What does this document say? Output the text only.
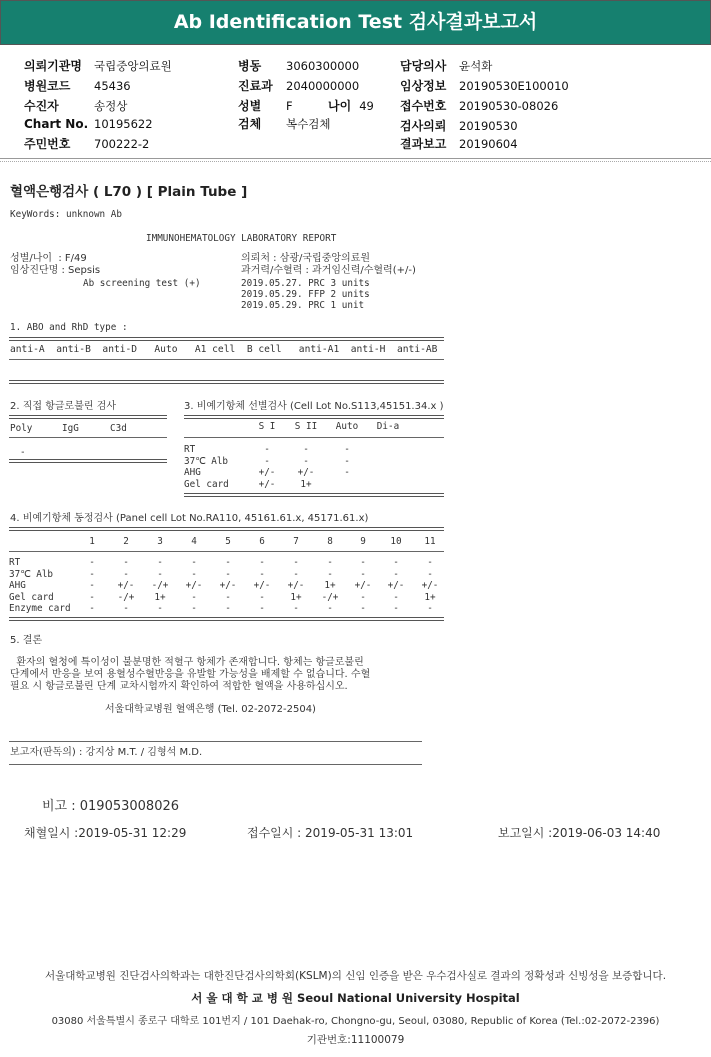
Ab Identification Test 검사결과보고서
의뢰기관명 국립중앙의료원
병원코드 45436
수진자	송정상
Chart No. 10195622
주민번호 700222-2
병동 3060300000
진료과 2040000000
성별 F	나이 49
검체 복수검체
담당의사 윤석화
임상정보 20190530E100010
접수번호 20190530-08026
검사의뢰 20190530
결과보고 20190604
혈액은행검사 ( L70 ) [ Plain Tube ]
KeyWords: unknown Ab
IMMUNOHEMATOLOGY LABORATORY REPORT
성별/나이  : F/49
임상진단명 : Sepsis
Ab screening test (+)
의뢰처 : 삼광/국립중앙의료원
과거력/수혈력 : 과거임신력/수혈력(+/-)
2019.05.27. PRC 3 units
2019.05.29. FFP 2 units
2019.05.29. PRC 1 unit
1. ABO and RhD type :
anti-A  anti-B  anti-D   Auto   A1 cell  B cell   anti-A1  anti-H  anti-AB
2. 직접 항글로불린 검사
Poly	IgG	C3d
-
3. 비예기항체 선별검사 (Cell Lot No.S113,45151.34.x )
	S I	S II	Auto	Di-a
RT	-	-	-	
37℃ Alb	-	-	-	
AHG	+/-	+/-	-	
Gel card	+/-	1+		
4. 비예기항체 동정검사 (Panel cell Lot No.RA110, 45161.61.x, 45171.61.x)
	1	2	3	4	5	6	7	8	9	10	11
RT	-	-	-	-	-	-	-	-	-	-	-
37℃ Alb	-	-	-	-	-	-	-	-	-	-	-
AHG	-	+/-	-/+	+/-	+/-	+/-	+/-	1+	+/-	+/-	+/-
Gel card	-	-/+	1+	-	-	-	1+	-/+	-	-	1+
Enzyme card	-	-	-	-	-	-	-	-	-	-	-
5. 결론
환자의 혈청에 특이성이 불분명한 적혈구 항체가 존재합니다. 항체는 항글로불린
단계에서 반응을 보여 용혈성수혈반응을 유발할 가능성을 배제할 수 없습니다. 수혈
필요 시 항글로불린 단계 교차시험까지 확인하여 적합한 혈액을 사용하십시오.
서울대학교병원 혈액은행 (Tel. 02-2072-2504)
보고자(판독의) : 강지상 M.T. / 김형석 M.D.
비고 : 019053008026
채혈일시 :2019-05-31 12:29	접수일시 : 2019-05-31 13:01	보고일시 :2019-06-03 14:40
서울대학교병원 진단검사의학과는 대한진단검사의학회(KSLM)의 신임 인증을 받은 우수검사실로 결과의 정확성과 신빙성을 보증합니다.
서 울 대 학 교 병 원 Seoul National University Hospital
03080 서울특별시 종로구 대학로 101번지 / 101 Daehak-ro, Chongno-gu, Seoul, 03080, Republic of Korea (Tel.:02-2072-2396)
기관번호:11100079
